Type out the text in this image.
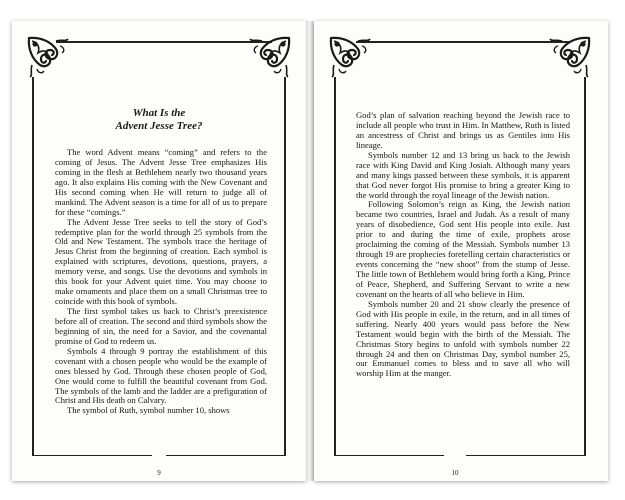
What Is the
Advent Jesse Tree?

The word Advent means “coming” and refers to the coming of Jesus. The Advent Jesse Tree emphasizes His coming in the flesh at Bethlehem nearly two thousand years ago. It also explains His coming with the New Covenant and His second coming when He will return to judge all of mankind. The Advent season is a time for all of us to prepare for these “comings.”

The Advent Jesse Tree seeks to tell the story of God’s redemptive plan for the world through 25 symbols from the Old and New Testament. The symbols trace the heritage of Jesus Christ from the beginning of creation. Each symbol is explained with scriptures, devotions, questions, prayers, a memory verse, and songs. Use the devotions and symbols in this book for your Advent quiet time. You may choose to make ornaments and place them on a small Christmas tree to coincide with this book of symbols.

The first symbol takes us back to Christ’s preexistence before all of creation. The second and third symbols show the beginning of sin, the need for a Savior, and the covenantal promise of God to redeem us.

Symbols 4 through 9 portray the establishment of this covenant with a chosen people who would be the example of ones blessed by God. Through these chosen people of God, One would come to fulfill the beautiful covenant from God. The symbols of the lamb and the ladder are a prefiguration of Christ and His death on Calvary.

The symbol of Ruth, symbol number 10, shows

9

God’s plan of salvation reaching beyond the Jewish race to include all people who trust in Him. In Matthew, Ruth is listed an ancestress of Christ and brings us as Gentiles into His lineage.

Symbols number 12 and 13 bring us back to the Jewish race with King David and King Josiah. Although many years and many kings passed between these symbols, it is apparent that God never forgot His promise to bring a greater King to the world through the royal lineage of the Jewish nation.

Following Solomon’s reign as King, the Jewish nation became two countries, Israel and Judah. As a result of many years of disobedience, God sent His people into exile. Just prior to and during the time of exile, prophets arose proclaiming the coming of the Messiah. Symbols number 13 through 19 are prophecies foretelling certain characteristics or events concerning the “new shoot” from the stump of Jesse. The little town of Bethlehem would bring forth a King, Prince of Peace, Shepherd, and Suffering Servant to write a new covenant on the hearts of all who believe in Him.

Symbols number 20 and 21 show clearly the presence of God with His people in exile, in the return, and in all times of suffering. Nearly 400 years would pass before the New Testament would begin with the birth of the Messiah. The Christmas Story begins to unfold with symbols number 22 through 24 and then on Christmas Day, symbol number 25, our Emmanuel comes to bless and to save all who will worship Him at the manger.

10
